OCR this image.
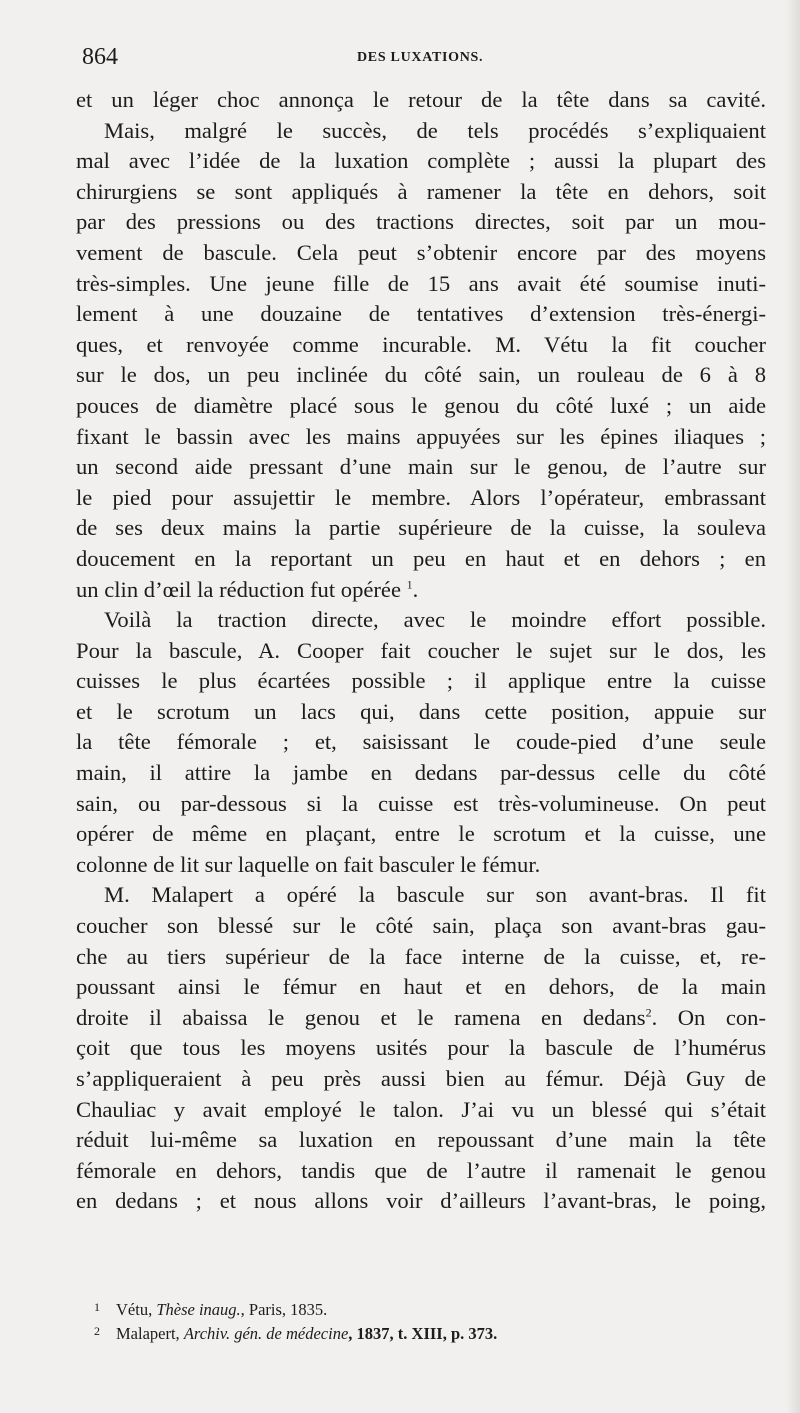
864	DES LUXATIONS.
et un léger choc annonça le retour de la tête dans sa cavité.
Mais, malgré le succès, de tels procédés s’expliquaient
mal avec l’idée de la luxation complète ; aussi la plupart des
chirurgiens se sont appliqués à ramener la tête en dehors, soit
par des pressions ou des tractions directes, soit par un mou-
vement de bascule. Cela peut s’obtenir encore par des moyens
très-simples. Une jeune fille de 15 ans avait été soumise inuti-
lement à une douzaine de tentatives d’extension très-énergi-
ques, et renvoyée comme incurable. M. Vétu la fit coucher
sur le dos, un peu inclinée du côté sain, un rouleau de 6 à 8
pouces de diamètre placé sous le genou du côté luxé ; un aide
fixant le bassin avec les mains appuyées sur les épines iliaques ;
un second aide pressant d’une main sur le genou, de l’autre sur
le pied pour assujettir le membre. Alors l’opérateur, embrassant
de ses deux mains la partie supérieure de la cuisse, la souleva
doucement en la reportant un peu en haut et en dehors ; en
un clin d’œil la réduction fut opérée $^1$.
Voilà la traction directe, avec le moindre effort possible.
Pour la bascule, A. Cooper fait coucher le sujet sur le dos, les
cuisses le plus écartées possible ; il applique entre la cuisse
et le scrotum un lacs qui, dans cette position, appuie sur
la tête fémorale ; et, saisissant le coude-pied d’une seule
main, il attire la jambe en dedans par-dessus celle du côté
sain, ou par-dessous si la cuisse est très-volumineuse. On peut
opérer de même en plaçant, entre le scrotum et la cuisse, une
colonne de lit sur laquelle on fait basculer le fémur.
M. Malapert a opéré la bascule sur son avant-bras. Il fit
coucher son blessé sur le côté sain, plaça son avant-bras gau-
che au tiers supérieur de la face interne de la cuisse, et, re-
poussant ainsi le fémur en haut et en dehors, de la main
droite il abaissa le genou et le ramena en dedans$^2$. On con-
çoit que tous les moyens usités pour la bascule de l’humérus
s’appliqueraient à peu près aussi bien au fémur. Déjà Guy de
Chauliac y avait employé le talon. J’ai vu un blessé qui s’était
réduit lui-même sa luxation en repoussant d’une main la tête
fémorale en dehors, tandis que de l’autre il ramenait le genou
en dedans ; et nous allons voir d’ailleurs l’avant-bras, le poing,
1 Vétu, Thèse inaug., Paris, 1835.
2 Malapert, Archiv. gén. de médecine, 1837, t. XIII, p. 373.
